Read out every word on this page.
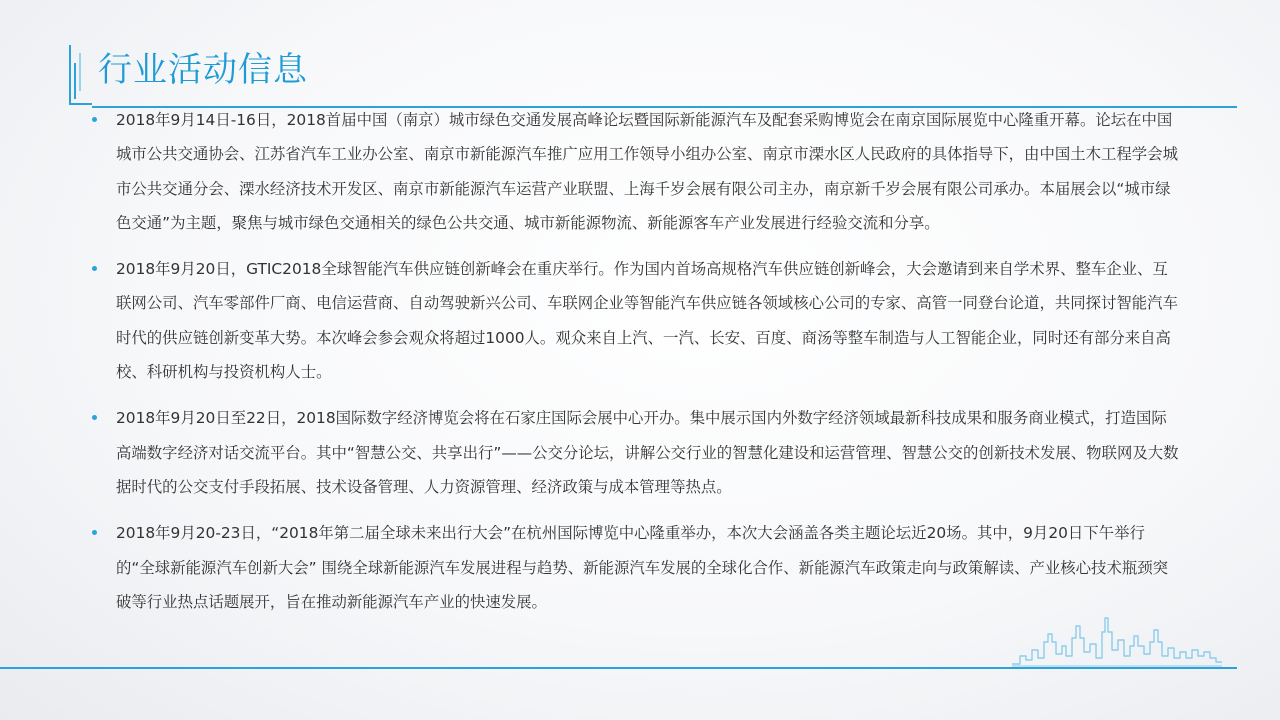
行业活动信息
2018年9月14日-16日，2018首届中国（南京）城市绿色交通发展高峰论坛暨国际新能源汽车及配套采购博览会在南京国际展览中心隆重开幕。论坛在中国城市公共交通协会、江苏省汽车工业办公室、南京市新能源汽车推广应用工作领导小组办公室、南京市溧水区人民政府的具体指导下，由中国土木工程学会城市公共交通分会、溧水经济技术开发区、南京市新能源汽车运营产业联盟、上海千岁会展有限公司主办，南京新千岁会展有限公司承办。本届展会以“城市绿色交通”为主题，聚焦与城市绿色交通相关的绿色公共交通、城市新能源物流、新能源客车产业发展进行经验交流和分享。
2018年9月20日，GTIC2018全球智能汽车供应链创新峰会在重庆举行。作为国内首场高规格汽车供应链创新峰会，大会邀请到来自学术界、整车企业、互联网公司、汽车零部件厂商、电信运营商、自动驾驶新兴公司、车联网企业等智能汽车供应链各领域核心公司的专家、高管一同登台论道，共同探讨智能汽车时代的供应链创新变革大势。本次峰会参会观众将超过1000人。观众来自上汽、一汽、长安、百度、商汤等整车制造与人工智能企业，同时还有部分来自高校、科研机构与投资机构人士。
2018年9月20日至22日，2018国际数字经济博览会将在石家庄国际会展中心开办。集中展示国内外数字经济领域最新科技成果和服务商业模式，打造国际高端数字经济对话交流平台。其中“智慧公交、共享出行”——公交分论坛，讲解公交行业的智慧化建设和运营管理、智慧公交的创新技术发展、物联网及大数据时代的公交支付手段拓展、技术设备管理、人力资源管理、经济政策与成本管理等热点。
2018年9月20-23日，“2018年第二届全球未来出行大会”在杭州国际博览中心隆重举办，本次大会涵盖各类主题论坛近20场。其中，9月20日下午举行的“全球新能源汽车创新大会” 围绕全球新能源汽车发展进程与趋势、新能源汽车发展的全球化合作、新能源汽车政策走向与政策解读、产业核心技术瓶颈突破等行业热点话题展开，旨在推动新能源汽车产业的快速发展。
